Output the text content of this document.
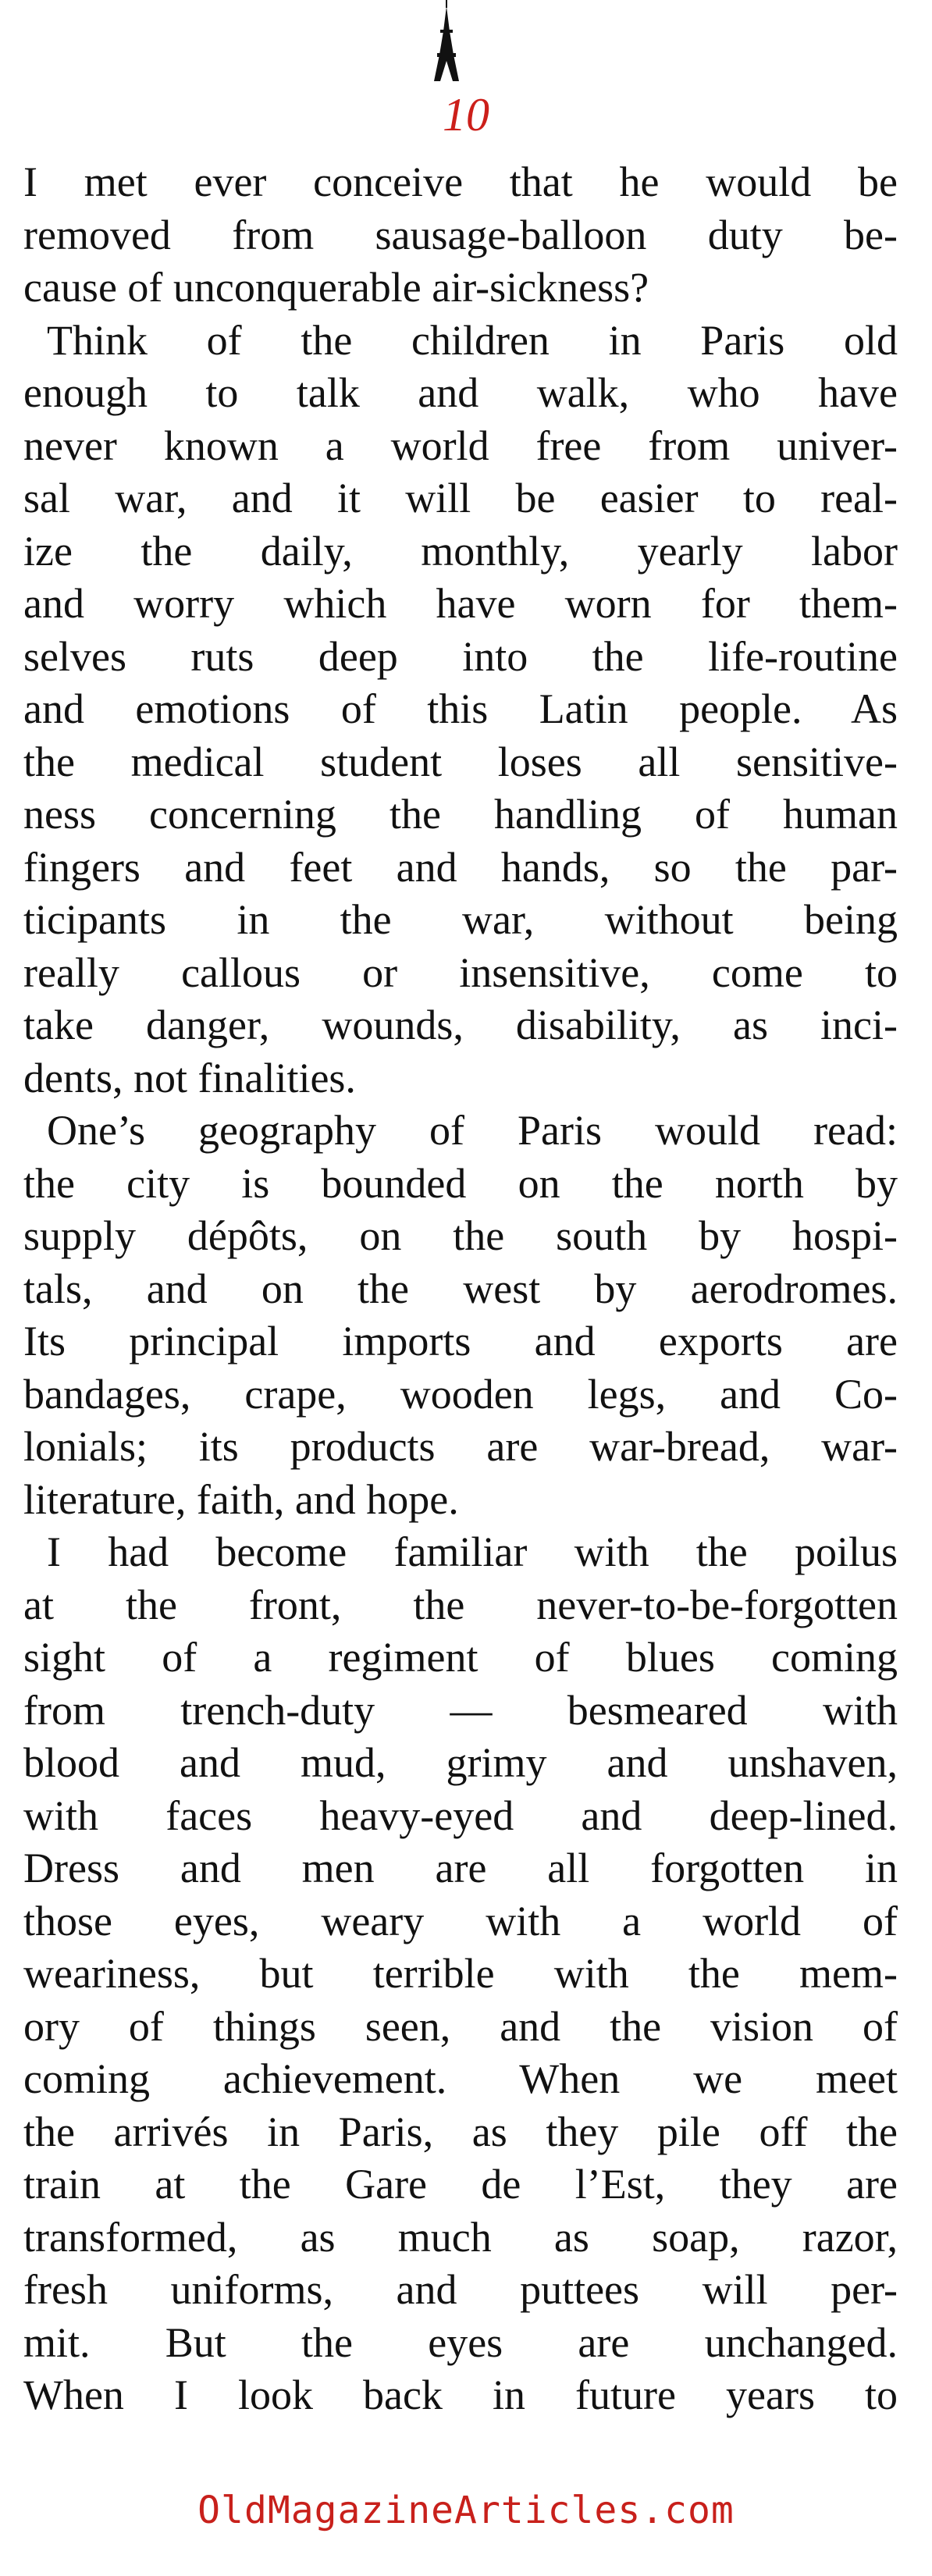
10
I met ever conceive that he would be
removed from sausage-balloon duty be-
cause of unconquerable air-sickness?
Think of the children in Paris old
enough to talk and walk, who have
never known a world free from univer-
sal war, and it will be easier to real-
ize the daily, monthly, yearly labor
and worry which have worn for them-
selves ruts deep into the life-routine
and emotions of this Latin people. As
the medical student loses all sensitive-
ness concerning the handling of human
fingers and feet and hands, so the par-
ticipants in the war, without being
really callous or insensitive, come to
take danger, wounds, disability, as inci-
dents, not finalities.
One’s geography of Paris would read:
the city is bounded on the north by
supply dépôts, on the south by hospi-
tals, and on the west by aerodromes.
Its principal imports and exports are
bandages, crape, wooden legs, and Co-
lonials; its products are war-bread, war-
literature, faith, and hope.
I had become familiar with the poilus
at the front, the never-to-be-forgotten
sight of a regiment of blues coming
from trench-duty — besmeared with
blood and mud, grimy and unshaven,
with faces heavy-eyed and deep-lined.
Dress and men are all forgotten in
those eyes, weary with a world of
weariness, but terrible with the mem-
ory of things seen, and the vision of
coming achievement. When we meet
the arrivés in Paris, as they pile off the
train at the Gare de l’Est, they are
transformed, as much as soap, razor,
fresh uniforms, and puttees will per-
mit. But the eyes are unchanged.
When I look back in future years to
OldMagazineArticles.com
